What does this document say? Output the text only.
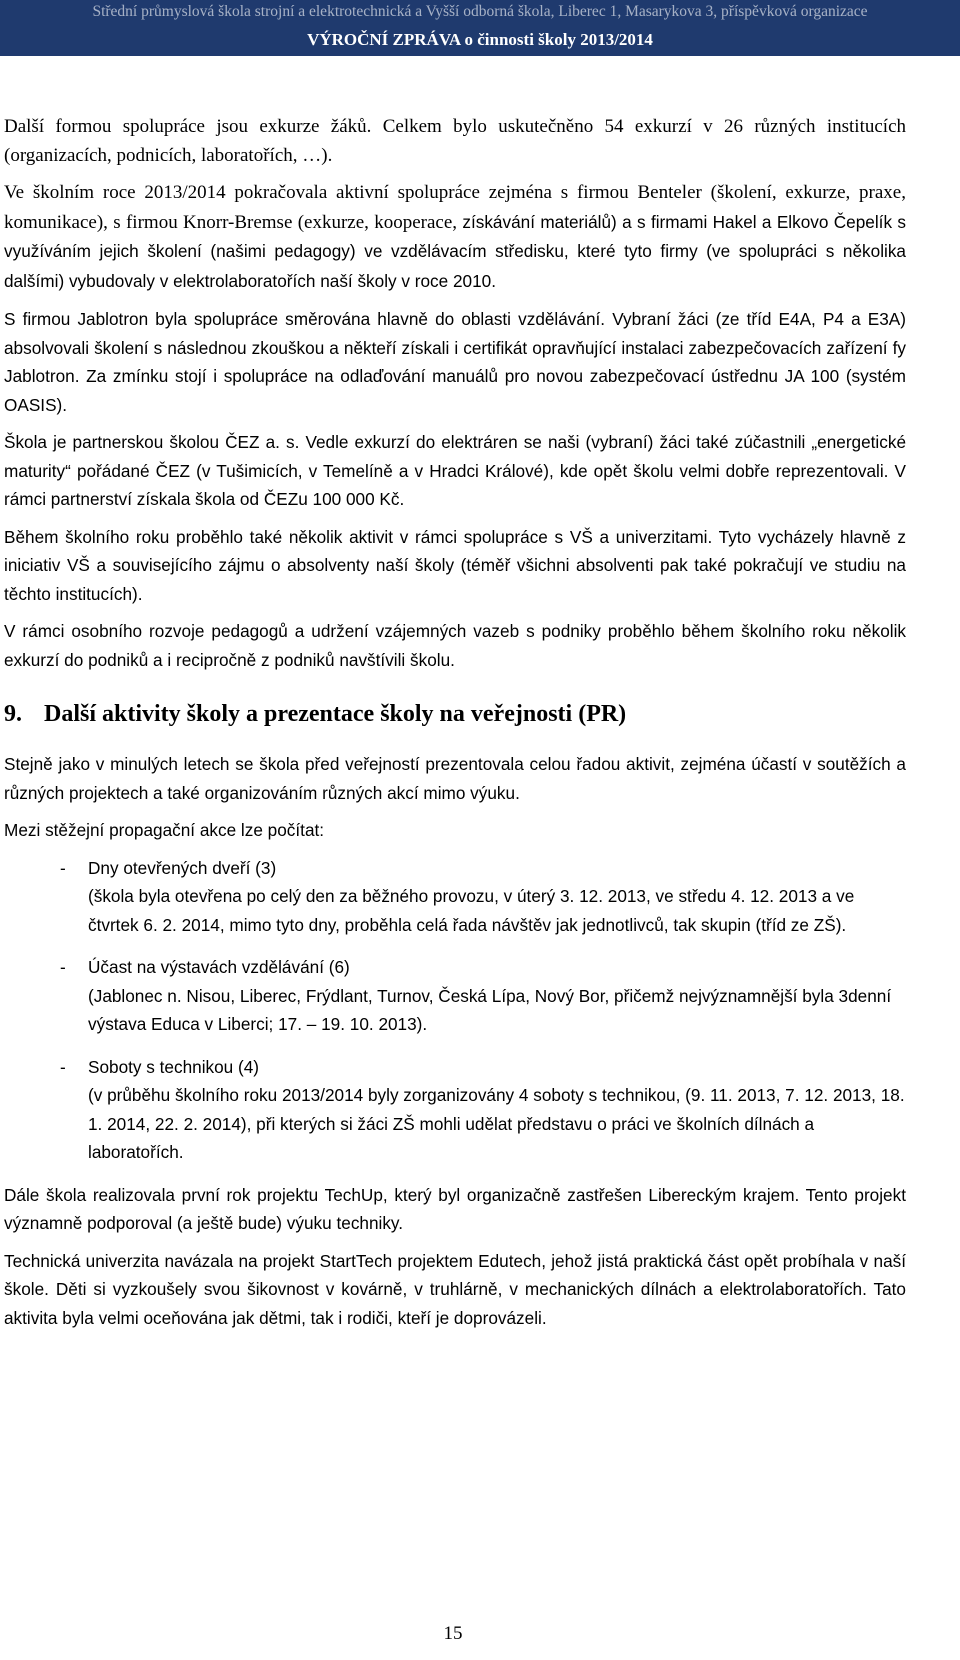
Střední průmyslová škola strojní a elektrotechnická a Vyšší odborná škola, Liberec 1, Masarykova 3, příspěvková organizace
VÝROČNÍ ZPRÁVA o činnosti školy 2013/2014

Další formou spolupráce jsou exkurze žáků. Celkem bylo uskutečněno 54 exkurzí v 26 různých institucích (organizacích, podnicích, laboratořích, …).

Ve školním roce 2013/2014 pokračovala aktivní spolupráce zejména s firmou Benteler (školení, exkurze, praxe, komunikace), s firmou Knorr-Bremse (exkurze, kooperace, získávání materiálů) a s firmami Hakel a Elkovo Čepelík s využíváním jejich školení (našimi pedagogy) ve vzdělávacím středisku, které tyto firmy (ve spolupráci s několika dalšími) vybudovaly v elektrolaboratořích naší školy v roce 2010.

S firmou Jablotron byla spolupráce směrována hlavně do oblasti vzdělávání. Vybraní žáci (ze tříd E4A, P4 a E3A) absolvovali školení s následnou zkouškou a někteří získali i certifikát opravňující instalaci zabezpečovacích zařízení fy Jablotron. Za zmínku stojí i spolupráce na odlaďování manuálů pro novou zabezpečovací ústřednu JA 100 (systém OASIS).

Škola je partnerskou školou ČEZ a. s. Vedle exkurzí do elektráren se naši (vybraní) žáci také zúčastnili „energetické maturity“ pořádané ČEZ (v Tušimicích, v Temelíně a v Hradci Králové), kde opět školu velmi dobře reprezentovali. V rámci partnerství získala škola od ČEZu 100 000 Kč.

Během školního roku proběhlo také několik aktivit v rámci spolupráce s VŠ a univerzitami. Tyto vycházely hlavně z iniciativ VŠ a souvisejícího zájmu o absolventy naší školy (téměř všichni absolventi pak také pokračují ve studiu na těchto institucích).

V rámci osobního rozvoje pedagogů a udržení vzájemných vazeb s podniky proběhlo během školního roku několik exkurzí do podniků a i recipročně z podniků navštívili školu.

9. Další aktivity školy a prezentace školy na veřejnosti (PR)

Stejně jako v minulých letech se škola před veřejností prezentovala celou řadou aktivit, zejména účastí v soutěžích a různých projektech a také organizováním různých akcí mimo výuku.

Mezi stěžejní propagační akce lze počítat:

- Dny otevřených dveří (3)
(škola byla otevřena po celý den za běžného provozu, v úterý 3. 12. 2013, ve středu 4. 12. 2013 a ve čtvrtek 6. 2. 2014, mimo tyto dny, proběhla celá řada návštěv jak jednotlivců, tak skupin (tříd ze ZŠ).
- Účast na výstavách vzdělávání (6)
(Jablonec n. Nisou, Liberec, Frýdlant, Turnov, Česká Lípa, Nový Bor, přičemž nejvýznamnější byla 3denní výstava Educa v Liberci; 17. – 19. 10. 2013).
- Soboty s technikou (4)
(v průběhu školního roku 2013/2014 byly zorganizovány 4 soboty s technikou, (9. 11. 2013, 7. 12. 2013, 18. 1. 2014, 22. 2. 2014), při kterých si žáci ZŠ mohli udělat představu o práci ve školních dílnách a laboratořích.

Dále škola realizovala první rok projektu TechUp, který byl organizačně zastřešen Libereckým krajem. Tento projekt významně podporoval (a ještě bude) výuku techniky.

Technická univerzita navázala na projekt StartTech projektem Edutech, jehož jistá praktická část opět probíhala v naší škole. Děti si vyzkoušely svou šikovnost v kovárně, v truhlárně, v mechanických dílnách a elektrolaboratořích. Tato aktivita byla velmi oceňována jak dětmi, tak i rodiči, kteří je doprovázeli.

15
